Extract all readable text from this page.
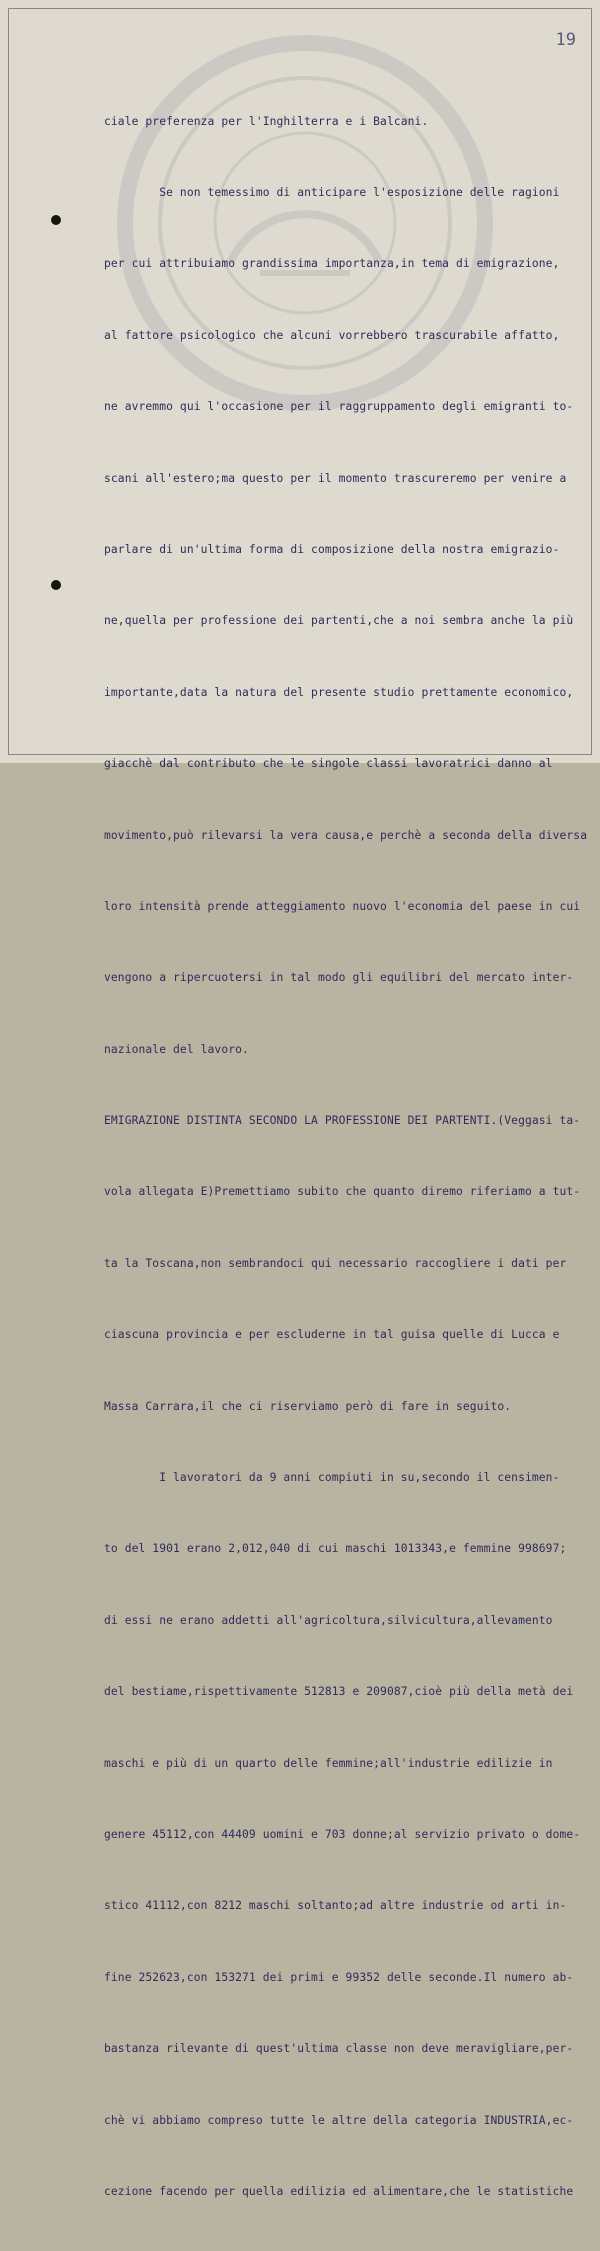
19

ciale preferenza per l'Inghilterra e i Balcani.

Se non temessimo di anticipare l'esposizione delle ragioni

per cui attribuiamo grandissima importanza,in tema di emigrazione,

al fattore psicologico che alcuni vorrebbero trascurabile affatto,

ne avremmo qui l'occasione per il raggruppamento degli emigranti to-

scani all'estero;ma questo per il momento trascureremo per venire a

parlare di un'ultima forma di composizione della nostra emigrazio-

ne,quella per professione dei partenti,che a noi sembra anche la più

importante,data la natura del presente studio prettamente economico,

giacchè dal contributo che le singole classi lavoratrici danno al

movimento,può rilevarsi la vera causa,e perchè a seconda della diversa

loro intensità prende atteggiamento nuovo l'economia del paese in cui

vengono a ripercuotersi in tal modo gli equilibri del mercato inter-

nazionale del lavoro.

EMIGRAZIONE DISTINTA SECONDO LA PROFESSIONE DEI PARTENTI.(Veggasi ta-

vola allegata E)Premettiamo subito che quanto diremo riferiamo a tut-

ta la Toscana,non sembrandoci qui necessario raccogliere i dati per

ciascuna provincia e per escluderne in tal guisa quelle di Lucca e

Massa Carrara,il che ci riserviamo però di fare in seguito.

I lavoratori da 9 anni compiuti in su,secondo il censimen-

to del 1901 erano 2,012,040 di cui maschi 1013343,e femmine 998697;

di essi ne erano addetti all'agricoltura,silvicultura,allevamento

del bestiame,rispettivamente 512813 e 209087,cioè più della metà dei

maschi e più di un quarto delle femmine;all'industrie edilizie in

genere 45112,con 44409 uomini e 703 donne;al servizio privato o dome-

stico 41112,con 8212 maschi soltanto;ad altre industrie od arti in-

fine 252623,con 153271 dei primi e 99352 delle seconde.Il numero ab-

bastanza rilevante di quest'ultima classe non deve meravigliare,per-

chè vi abbiamo compreso tutte le altre della categoria INDUSTRIA,ec-

cezione facendo per quella edilizia ed alimentare,che le statistiche
